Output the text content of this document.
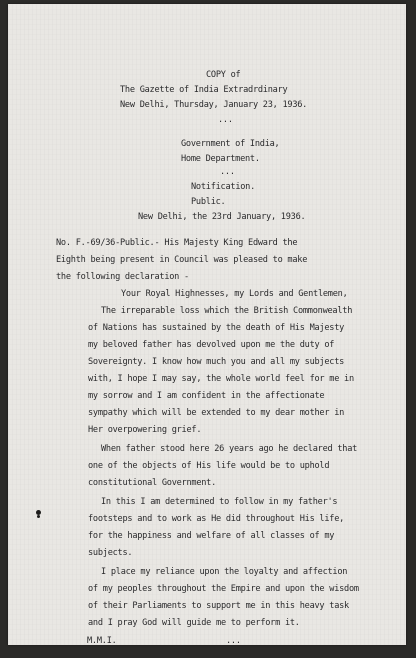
COPY of
The Gazette of India Extradrdinary
New Delhi, Thursday, January 23, 1936.
...
Government of India,
Home Department.
...
Notification.
Public.
New Delhi, the 23rd January, 1936.
No. F.-69/36-Public.- His Majesty King Edward the
Eighth being present in Council was pleased to make
the following declaration -
Your Royal Highnesses, my Lords and Gentlemen,
The irreparable loss which the British Commonwealth
of Nations has sustained by the death of His Majesty
my beloved father has devolved upon me the duty of
Sovereignty. I know how much you and all my subjects
with, I hope I may say, the whole world feel for me in
my sorrow and I am confident in the affectionate
sympathy which will be extended to my dear mother in
Her overpowering grief.
When father stood here 26 years ago he declared that
one of the objects of His life would be to uphold
constitutional Government.
In this I am determined to follow in my father's
footsteps and to work as He did throughout His life,
for the happiness and welfare of all classes of my
subjects.
I place my reliance upon the loyalty and affection
of my peoples throughout the Empire and upon the wisdom
of their Parliaments to support me in this heavy task
and I pray God will guide me to perform it.
M.M.I.	...
